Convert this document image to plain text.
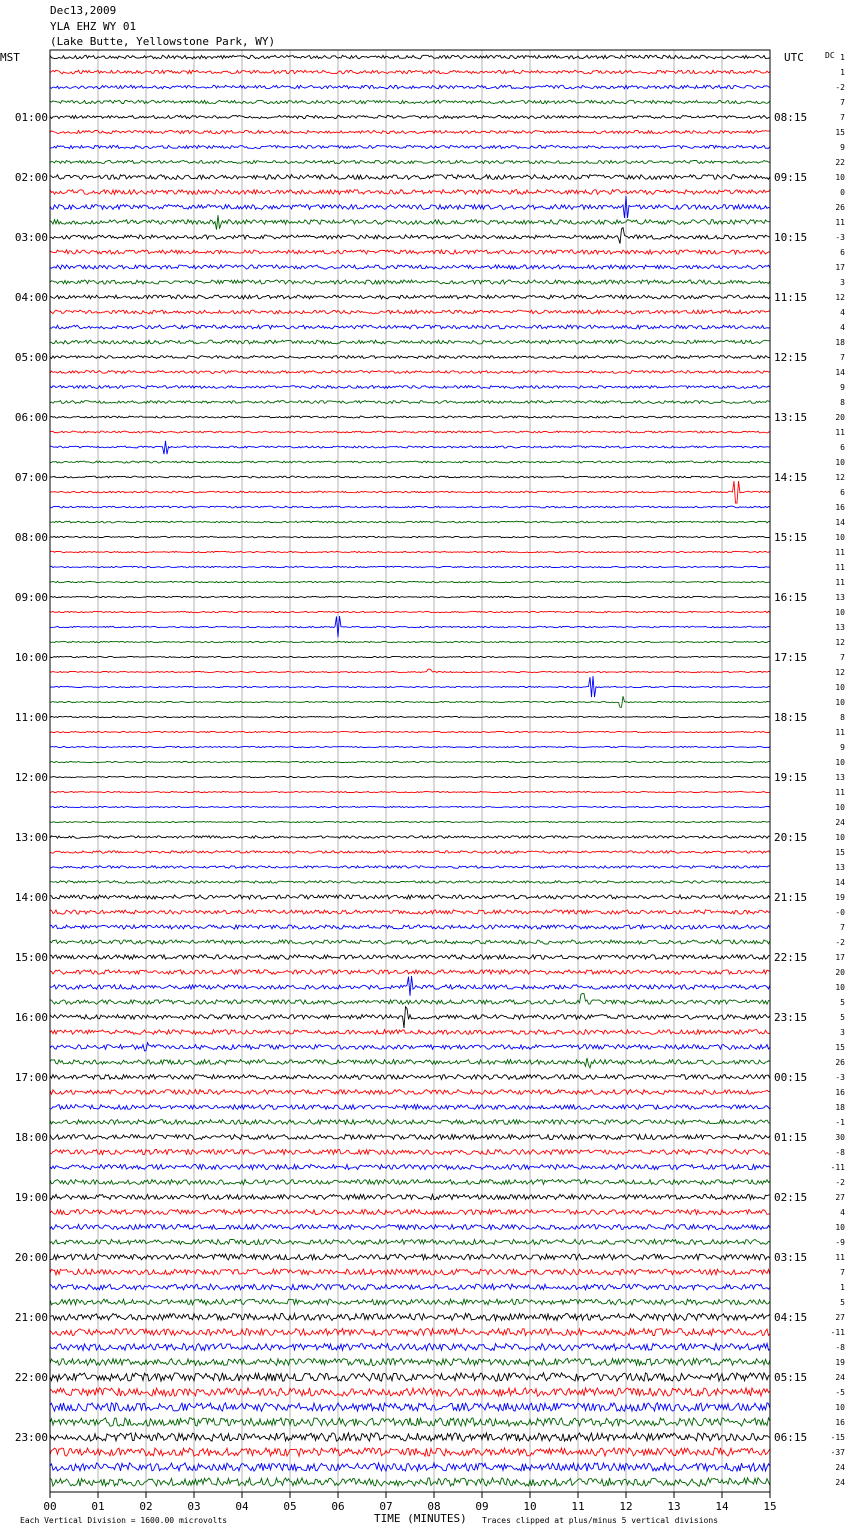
00	01	02	03	04	05	06	07	08	09	10	11	12	13	14	15
01:00
02:00
03:00
04:00
05:00
06:00
07:00
08:00
09:00
10:00
11:00
12:00
13:00
14:00
15:00
16:00
17:00
18:00
19:00
20:00
21:00
22:00
23:00
08:15
09:15
10:15
11:15
12:15
13:15
14:15
15:15
16:15
17:15
18:15
19:15
20:15
21:15
22:15
23:15
00:15
01:15
02:15
03:15
04:15
05:15
06:15
1
1
-2
7
7
15
9
22
10
0
26
11
-3
6
17
3
12
4
4
18
7
14
9
8
20
11
6
10
12
6
16
14
10
11
11
11
13
10
13
12
7
12
10
10
8
11
9
10
13
11
10
24
10
15
13
14
19
-0
7
-2
17
20
10
5
5
3
15
26
-3
16
18
-1
30
-8
-11
-2
27
4
10
-9
11
7
1
5
27
-11
-8
19
24
-5
10
16
-15
-37
24
24
Dec13,2009
YLA EHZ WY 01
(Lake Butte, Yellowstone Park, WY)
MST	UTC	DC
Each Vertical Division = 1600.00 microvolts	TIME (MINUTES) Traces clipped at plus/minus 5 vertical divisions
